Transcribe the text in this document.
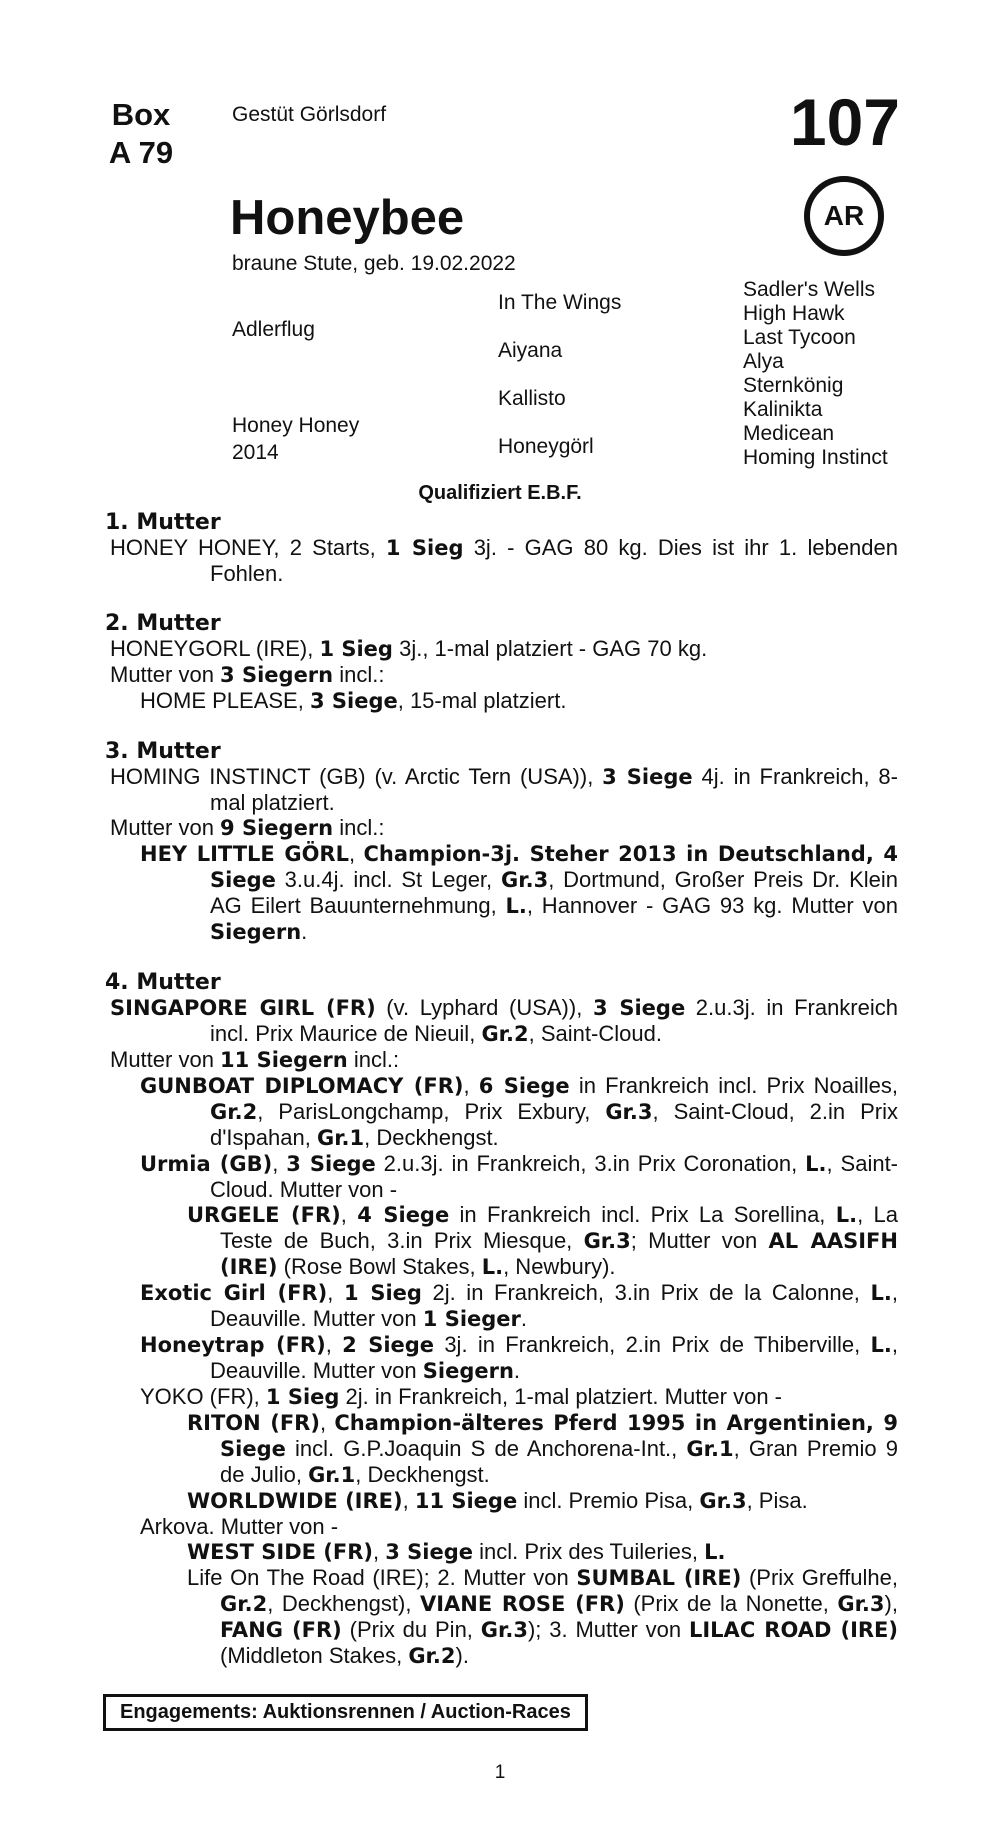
Box
A 79
Gestüt Görlsdorf	107
AR
Honeybee
braune Stute, geb. 19.02.2022
Adlerflug
Honey Honey
2014
In The Wings
Aiyana
Kallisto
Honeygörl
Sadler's Wells
High Hawk
Last Tycoon
Alya
Sternkönig
Kalinikta
Medicean
Homing Instinct
Qualifiziert E.B.F.
1. Mutter
HONEY HONEY, 2 Starts, 1 Sieg 3j. - GAG 80 kg. Dies ist ihr 1. lebenden Fohlen.
2. Mutter
HONEYGORL (IRE), 1 Sieg 3j., 1-mal platziert - GAG 70 kg.
Mutter von 3 Siegern incl.:
HOME PLEASE, 3 Siege, 15-mal platziert.
3. Mutter
HOMING INSTINCT (GB) (v. Arctic Tern (USA)), 3 Siege 4j. in Frankreich, 8-mal platziert.
Mutter von 9 Siegern incl.:
HEY LITTLE GÖRL, Champion-3j. Steher 2013 in Deutschland, 4 Siege 3.u.4j. incl. St Leger, Gr.3, Dortmund, Großer Preis Dr. Klein AG Eilert Bauunternehmung, L., Hannover - GAG 93 kg. Mutter von Siegern.
4. Mutter
SINGAPORE GIRL (FR) (v. Lyphard (USA)), 3 Siege 2.u.3j. in Frankreich incl. Prix Maurice de Nieuil, Gr.2, Saint-Cloud.
Mutter von 11 Siegern incl.:
GUNBOAT DIPLOMACY (FR), 6 Siege in Frankreich incl. Prix Noailles, Gr.2, ParisLongchamp, Prix Exbury, Gr.3, Saint-Cloud, 2.in Prix d'Ispahan, Gr.1, Deckhengst.
Urmia (GB), 3 Siege 2.u.3j. in Frankreich, 3.in Prix Coronation, L., Saint-Cloud. Mutter von -
URGELE (FR), 4 Siege in Frankreich incl. Prix La Sorellina, L., La Teste de Buch, 3.in Prix Miesque, Gr.3; Mutter von AL AASIFH (IRE) (Rose Bowl Stakes, L., Newbury).
Exotic Girl (FR), 1 Sieg 2j. in Frankreich, 3.in Prix de la Calonne, L., Deauville. Mutter von 1 Sieger.
Honeytrap (FR), 2 Siege 3j. in Frankreich, 2.in Prix de Thiberville, L., Deauville. Mutter von Siegern.
YOKO (FR), 1 Sieg 2j. in Frankreich, 1-mal platziert. Mutter von -
RITON (FR), Champion-älteres Pferd 1995 in Argentinien, 9 Siege incl. G.P.Joaquin S de Anchorena-Int., Gr.1, Gran Premio 9 de Julio, Gr.1, Deckhengst.
WORLDWIDE (IRE), 11 Siege incl. Premio Pisa, Gr.3, Pisa.
Arkova. Mutter von -
WEST SIDE (FR), 3 Siege incl. Prix des Tuileries, L.
Life On The Road (IRE); 2. Mutter von SUMBAL (IRE) (Prix Greffulhe, Gr.2, Deckhengst), VIANE ROSE (FR) (Prix de la Nonette, Gr.3), FANG (FR) (Prix du Pin, Gr.3); 3. Mutter von LILAC ROAD (IRE) (Middleton Stakes, Gr.2).
Engagements: Auktionsrennen / Auction-Races
1
